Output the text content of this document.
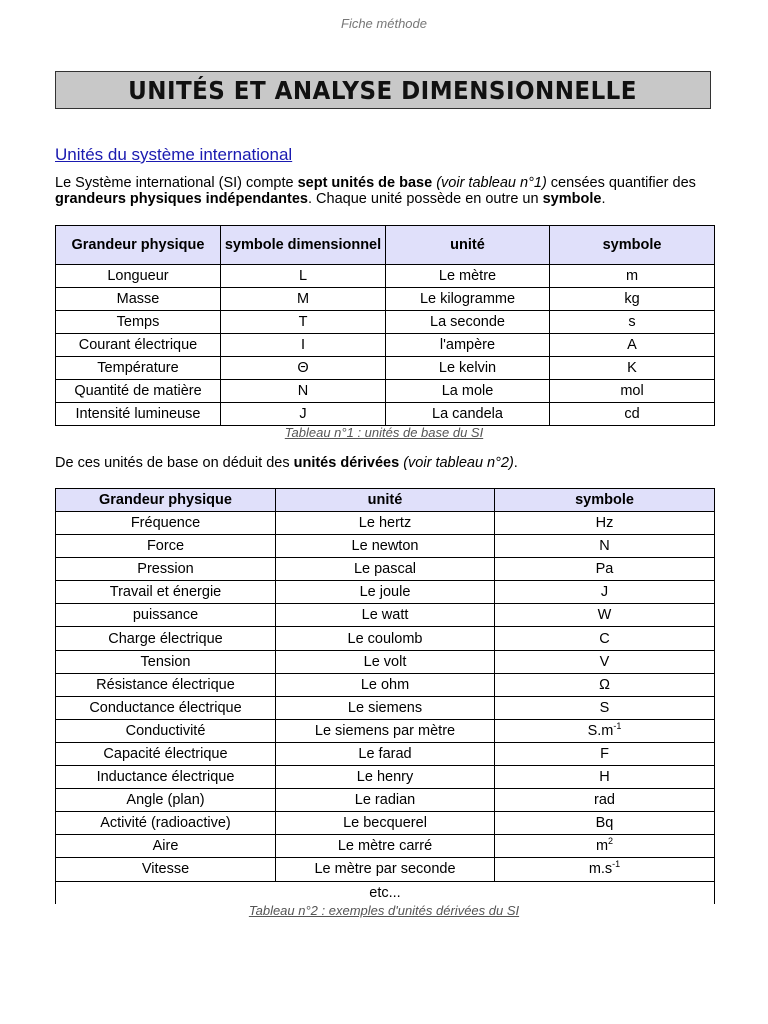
Fiche méthode
UNITÉS ET ANALYSE DIMENSIONNELLE
Unités du système international
Le Système international (SI) compte sept unités de base (voir tableau n°1) censées quantifier des grandeurs physiques indépendantes. Chaque unité possède en outre un symbole.
Grandeur physique	symbole dimensionnel	unité	symbole
Longueur	L	Le mètre	m
Masse	M	Le kilogramme	kg
Temps	T	La seconde	s
Courant électrique	I	l'ampère	A
Température	Θ	Le kelvin	K
Quantité de matière	N	La mole	mol
Intensité lumineuse	J	La candela	cd
Tableau n°1 : unités de base du SI
De ces unités de base on déduit des unités dérivées (voir tableau n°2).
Grandeur physique	unité	symbole
Fréquence	Le hertz	Hz
Force	Le newton	N
Pression	Le pascal	Pa
Travail et énergie	Le joule	J
puissance	Le watt	W
Charge électrique	Le coulomb	C
Tension	Le volt	V
Résistance électrique	Le ohm	Ω
Conductance électrique	Le siemens	S
Conductivité	Le siemens par mètre	$S.m^{-1}$
Capacité électrique	Le farad	F
Inductance électrique	Le henry	H
Angle (plan)	Le radian	rad
Activité (radioactive)	Le becquerel	Bq
Aire	Le mètre carré	$m^2$
Vitesse	Le mètre par seconde	$m.s^{-1}$
etc...		
Tableau n°2 : exemples d'unités dérivées du SI
